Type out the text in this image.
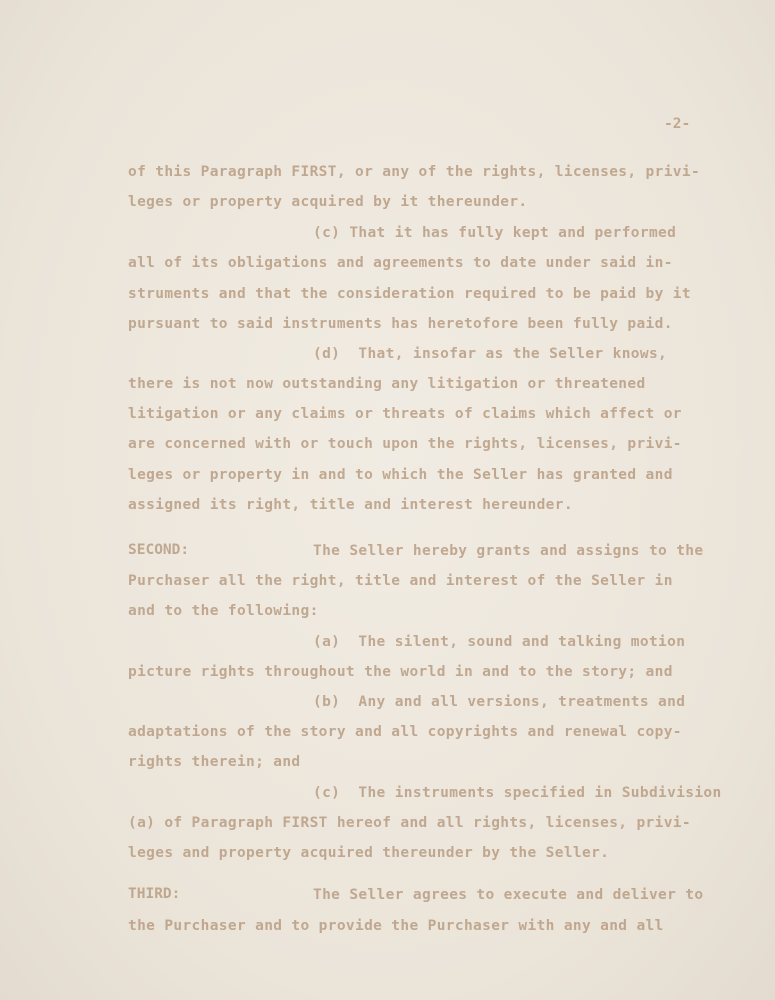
-2-

of this Paragraph FIRST, or any of the rights, licenses, privi-

leges or property acquired by it thereunder.

(c) That it has fully kept and performed

all of its obligations and agreements to date under said in-

struments and that the consideration required to be paid by it

pursuant to said instruments has heretofore been fully paid.

(d)  That, insofar as the Seller knows,

there is not now outstanding any litigation or threatened

litigation or any claims or threats of claims which affect or

are concerned with or touch upon the rights, licenses, privi-

leges or property in and to which the Seller has granted and

assigned its right, title and interest hereunder.

SECOND:	The Seller hereby grants and assigns to the

Purchaser all the right, title and interest of the Seller in

and to the following:

(a)  The silent, sound and talking motion

picture rights throughout the world in and to the story; and

(b)  Any and all versions, treatments and

adaptations of the story and all copyrights and renewal copy-

rights therein; and

(c)  The instruments specified in Subdivision

(a) of Paragraph FIRST hereof and all rights, licenses, privi-

leges and property acquired thereunder by the Seller.

THIRD:	The Seller agrees to execute and deliver to

the Purchaser and to provide the Purchaser with any and all
